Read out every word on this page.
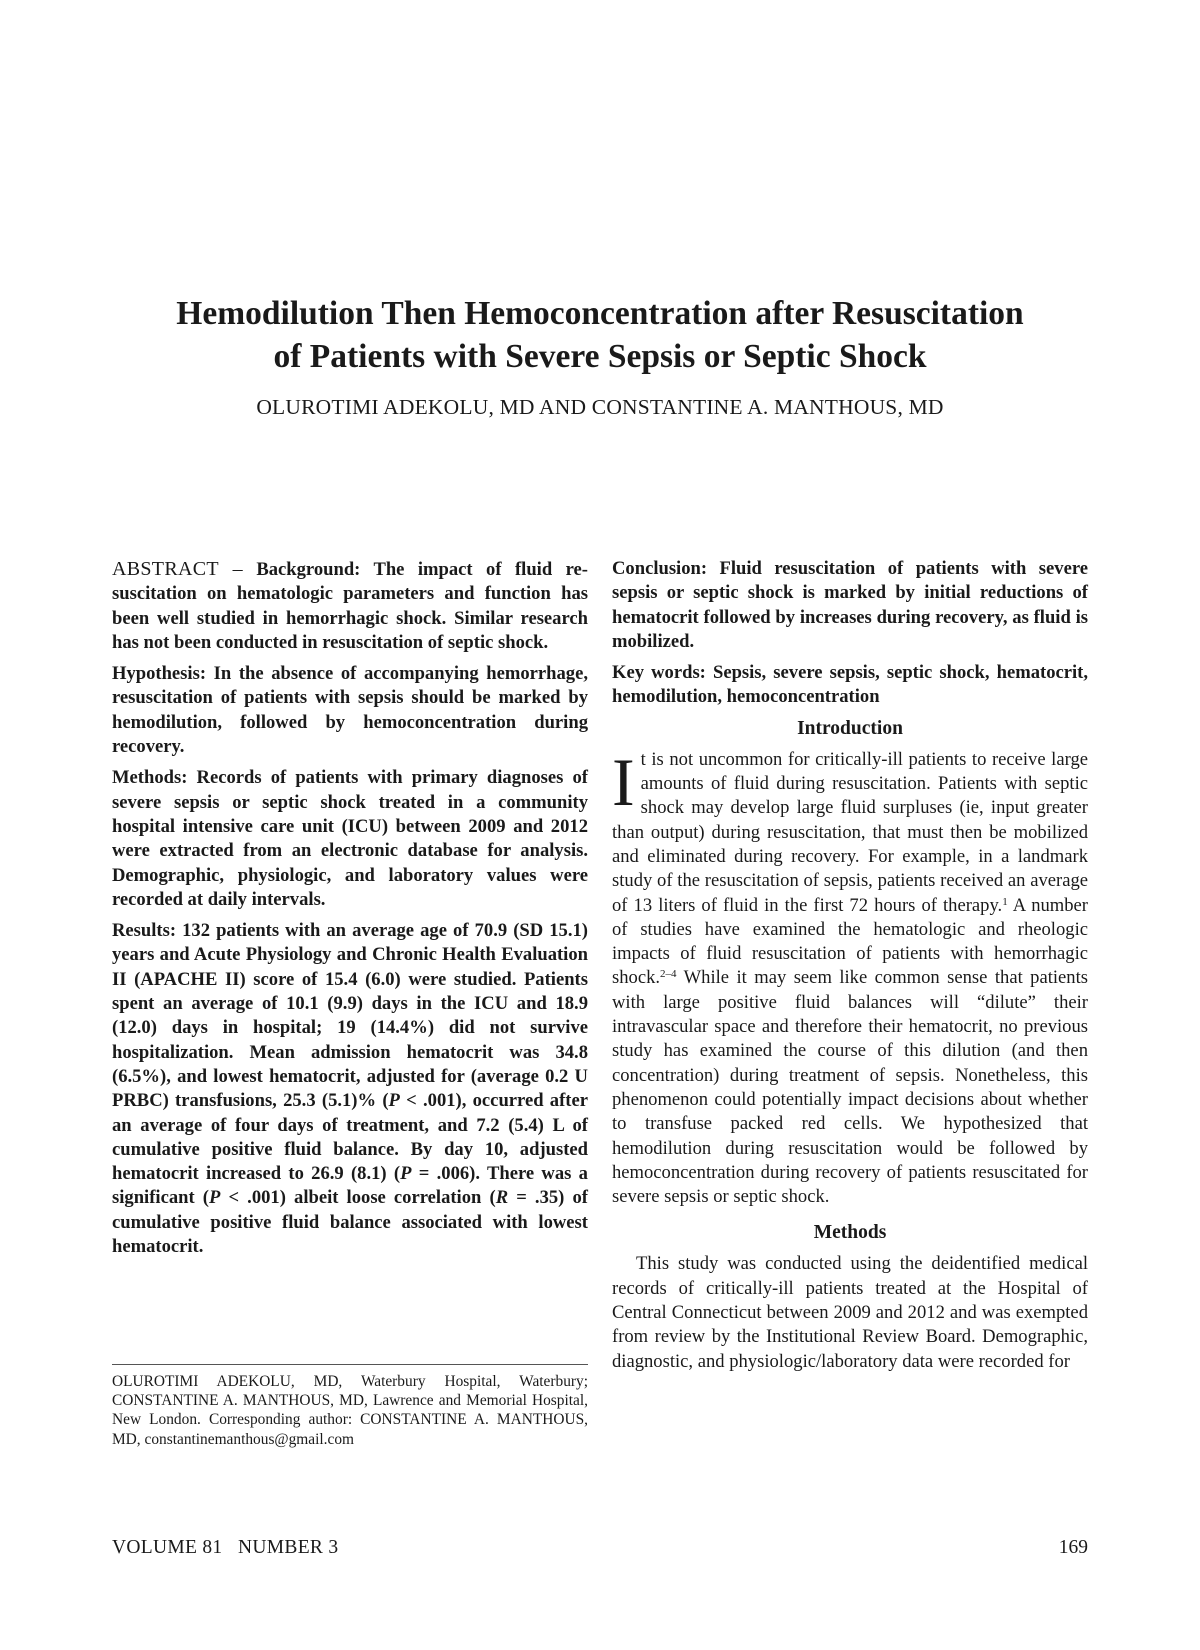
Hemodilution Then Hemoconcentration after Resuscitation
of Patients with Severe Sepsis or Septic Shock
OLUROTIMI ADEKOLU, MD AND CONSTANTINE A. MANTHOUS, MD

ABSTRACT – Background: The impact of fluid resuscitation on hematologic parameters and function has been well studied in hemorrhagic shock. Similar research has not been conducted in resuscitation of septic shock.

Hypothesis: In the absence of accompanying hemorrhage, resuscitation of patients with sepsis should be marked by hemodilution, followed by hemoconcentration during recovery.

Methods: Records of patients with primary diagnoses of severe sepsis or septic shock treated in a community hospital intensive care unit (ICU) between 2009 and 2012 were extracted from an electronic database for analysis. Demographic, physiologic, and laboratory values were recorded at daily intervals.

Results: 132 patients with an average age of 70.9 (SD 15.1) years and Acute Physiology and Chronic Health Evaluation II (APACHE II) score of 15.4 (6.0) were studied. Patients spent an average of 10.1 (9.9) days in the ICU and 18.9 (12.0) days in hospital; 19 (14.4%) did not survive hospitalization. Mean admission hematocrit was 34.8 (6.5%), and lowest hematocrit, adjusted for (average 0.2 U PRBC) transfusions, 25.3 (5.1)% (P < .001), occurred after an average of four days of treatment, and 7.2 (5.4) L of cumulative positive fluid balance. By day 10, adjusted hematocrit increased to 26.9 (8.1) (P = .006). There was a significant (P < .001) albeit loose correlation (R = .35) of cumulative positive fluid balance associated with lowest hematocrit.

OLUROTIMI ADEKOLU, MD, Waterbury Hospital, Waterbury; CONSTANTINE A. MANTHOUS, MD, Lawrence and Memorial Hospital, New London. Corresponding author: CONSTANTINE A. MANTHOUS, MD, constantinemanthous@gmail.com

Conclusion: Fluid resuscitation of patients with severe sepsis or septic shock is marked by initial reductions of hematocrit followed by increases during recovery, as fluid is mobilized.

Key words: Sepsis, severe sepsis, septic shock, hematocrit, hemodilution, hemoconcentration

Introduction

It is not uncommon for critically-ill patients to receive large amounts of fluid during resuscitation. Patients with septic shock may develop large fluid surpluses (ie, input greater than output) during resuscitation, that must then be mobilized and eliminated during recovery. For example, in a landmark study of the resuscitation of sepsis, patients received an average of 13 liters of fluid in the first 72 hours of therapy.$^1$ A number of studies have examined the hematologic and rheologic impacts of fluid resuscitation of patients with hemorrhagic shock.$^{2-4}$ While it may seem like common sense that patients with large positive fluid balances will “dilute” their intravascular space and therefore their hematocrit, no previous study has examined the course of this dilution (and then concentration) during treatment of sepsis. Nonetheless, this phenomenon could potentially impact decisions about whether to transfuse packed red cells. We hypothesized that hemodilution during resuscitation would be followed by hemoconcentration during recovery of patients resuscitated for severe sepsis or septic shock.

Methods

This study was conducted using the deidentified medical records of critically-ill patients treated at the Hospital of Central Connecticut between 2009 and 2012 and was exempted from review by the Institutional Review Board. Demographic, diagnostic, and physiologic/laboratory data were recorded for

VOLUME 81   NUMBER 3	169
